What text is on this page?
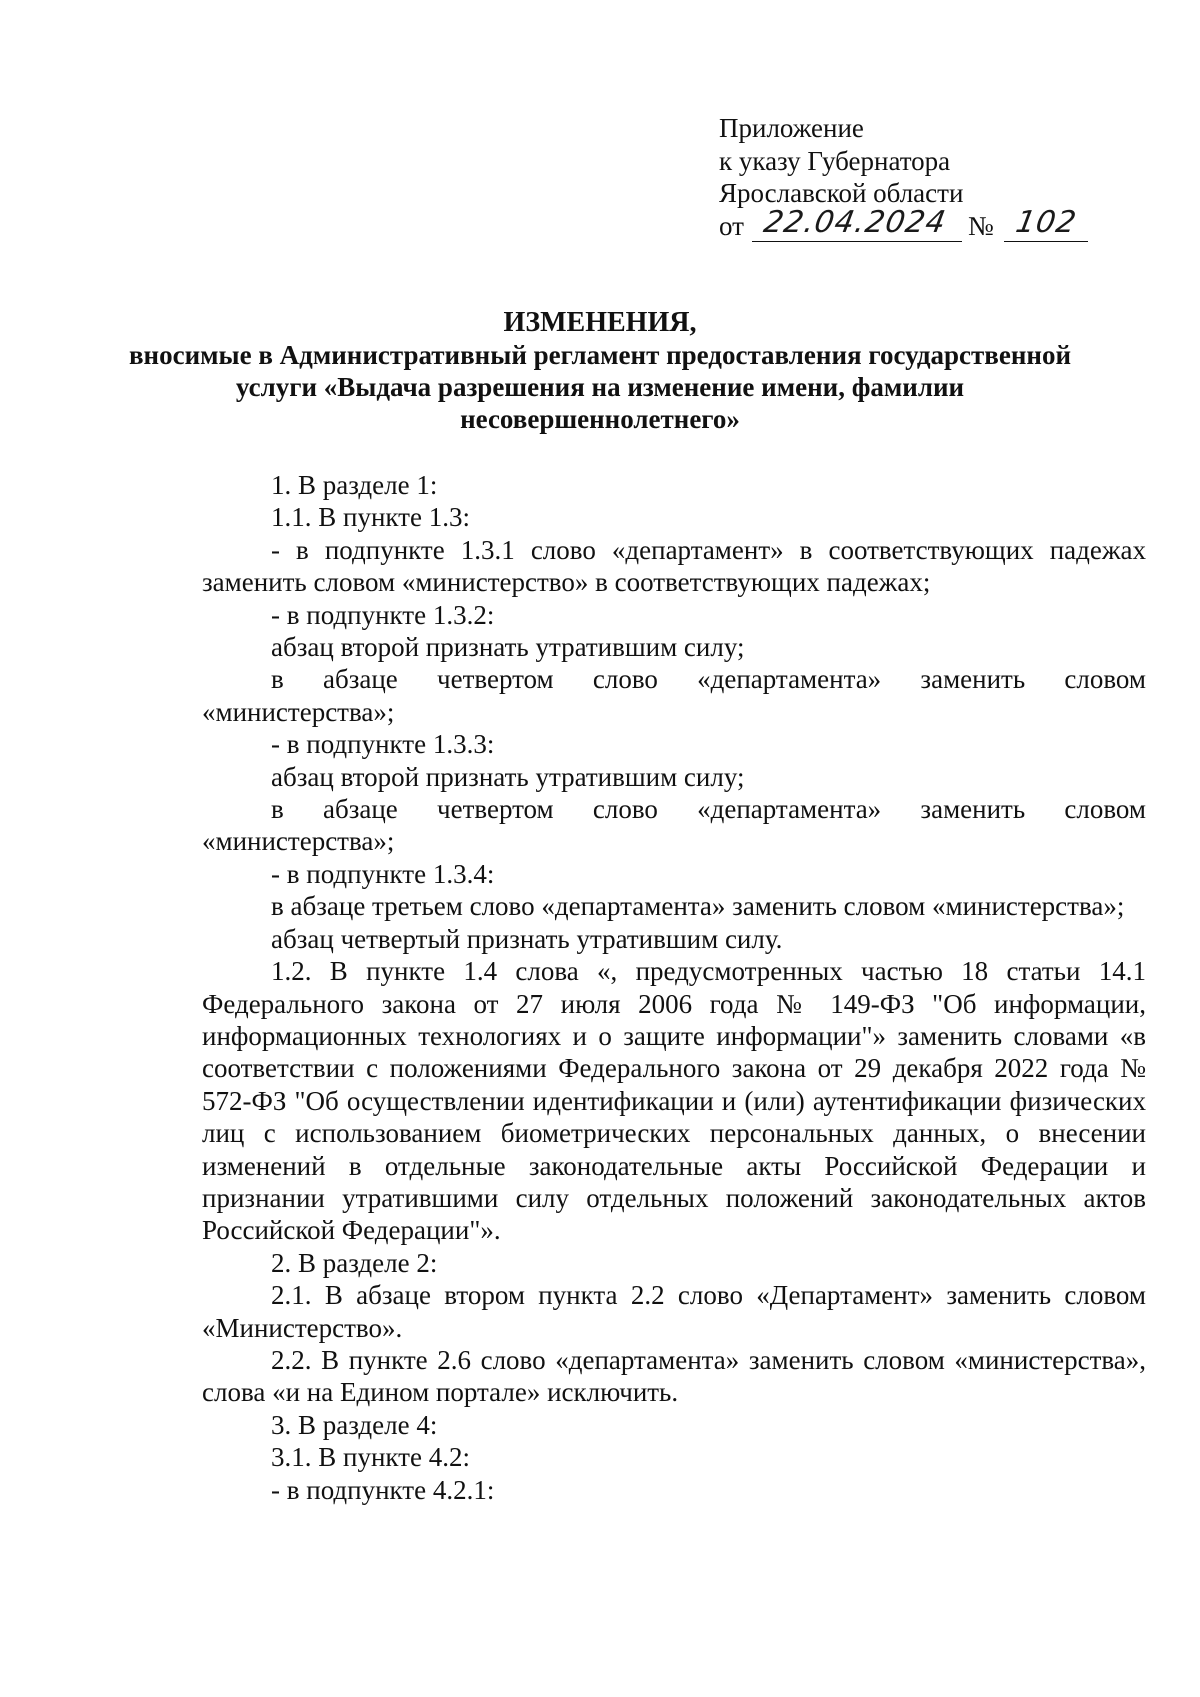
Приложение
к указу Губернатора
Ярославской области
от 22.04.2024 № 102
ИЗМЕНЕНИЯ,
вносимые в Административный регламент предоставления государственной услуги «Выдача разрешения на изменение имени, фамилии несовершеннолетнего»

1. В разделе 1:

1.1. В пункте 1.3:

- в подпункте 1.3.1 слово «департамент» в соответствующих падежах заменить словом «министерство» в соответствующих падежах;

- в подпункте 1.3.2:

абзац второй признать утратившим силу;

в абзаце четвертом слово «департамента» заменить словом «министерства»;

- в подпункте 1.3.3:

абзац второй признать утратившим силу;

в абзаце четвертом слово «департамента» заменить словом «министерства»;

- в подпункте 1.3.4:

в абзаце третьем слово «департамента» заменить словом «министерства»;

абзац четвертый признать утратившим силу.

1.2. В пункте 1.4 слова «, предусмотренных частью 18 статьи 14.1 Федерального закона от 27 июля 2006 года № 149-ФЗ "Об информации, информационных технологиях и о защите информации"» заменить словами «в соответствии с положениями Федерального закона от 29 декабря 2022 года № 572-ФЗ "Об осуществлении идентификации и (или) аутентификации физических лиц с использованием биометрических персональных данных, о внесении изменений в отдельные законодательные акты Российской Федерации и признании утратившими силу отдельных положений законодательных актов Российской Федерации"».

2. В разделе 2:

2.1. В абзаце втором пункта 2.2 слово «Департамент» заменить словом «Министерство».

2.2. В пункте 2.6 слово «департамента» заменить словом «министерства», слова «и на Едином портале» исключить.

3. В разделе 4:

3.1. В пункте 4.2:

- в подпункте 4.2.1:
